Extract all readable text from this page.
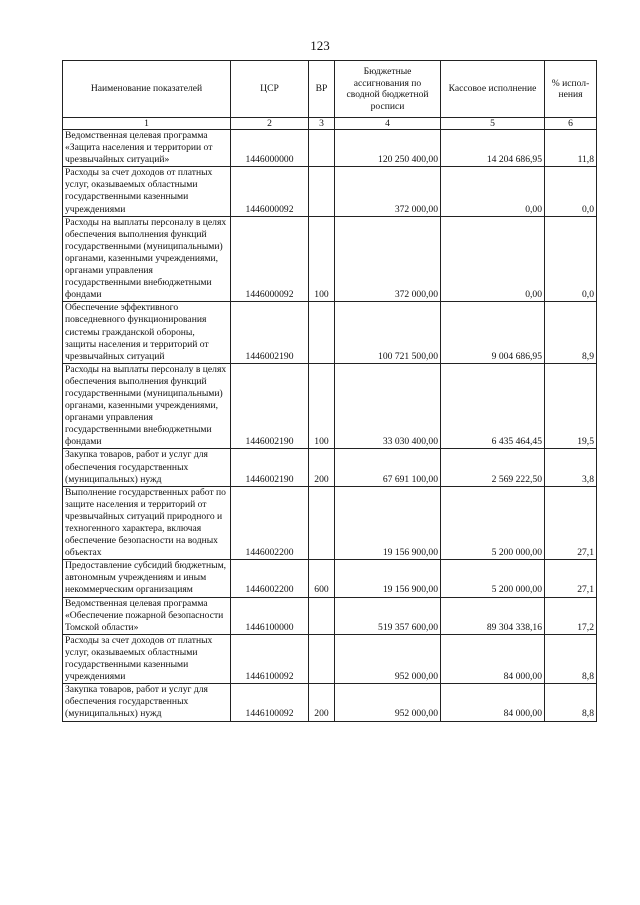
123
Наименование показателей	ЦСР	ВР	Бюджетные ассигнования по сводной бюджетной росписи	Кассовое исполнение	% испол-нения
1	2	3	4	5	6
Ведомственная целевая программа «Защита населения и территории от чрезвычайных ситуаций»	1446000000		120 250 400,00	14 204 686,95	11,8
Расходы за счет доходов от платных услуг, оказываемых областными государственными казенными учреждениями	1446000092		372 000,00	0,00	0,0
Расходы на выплаты персоналу в целях обеспечения выполнения функций государственными (муниципальными) органами, казенными учреждениями, органами управления государственными внебюджетными фондами	1446000092	100	372 000,00	0,00	0,0
Обеспечение эффективного повседневного функционирования системы гражданской обороны, защиты населения и территорий от чрезвычайных ситуаций	1446002190		100 721 500,00	9 004 686,95	8,9
Расходы на выплаты персоналу в целях обеспечения выполнения функций государственными (муниципальными) органами, казенными учреждениями, органами управления государственными внебюджетными фондами	1446002190	100	33 030 400,00	6 435 464,45	19,5
Закупка товаров, работ и услуг для обеспечения государственных (муниципальных) нужд	1446002190	200	67 691 100,00	2 569 222,50	3,8
Выполнение государственных работ по защите населения и территорий от чрезвычайных ситуаций природного и техногенного характера, включая обеспечение безопасности на водных объектах	1446002200		19 156 900,00	5 200 000,00	27,1
Предоставление субсидий бюджетным, автономным учреждениям и иным некоммерческим организациям	1446002200	600	19 156 900,00	5 200 000,00	27,1
Ведомственная целевая программа «Обеспечение пожарной безопасности Томской области»	1446100000		519 357 600,00	89 304 338,16	17,2
Расходы за счет доходов от платных услуг, оказываемых областными государственными казенными учреждениями	1446100092		952 000,00	84 000,00	8,8
Закупка товаров, работ и услуг для обеспечения государственных (муниципальных) нужд	1446100092	200	952 000,00	84 000,00	8,8
